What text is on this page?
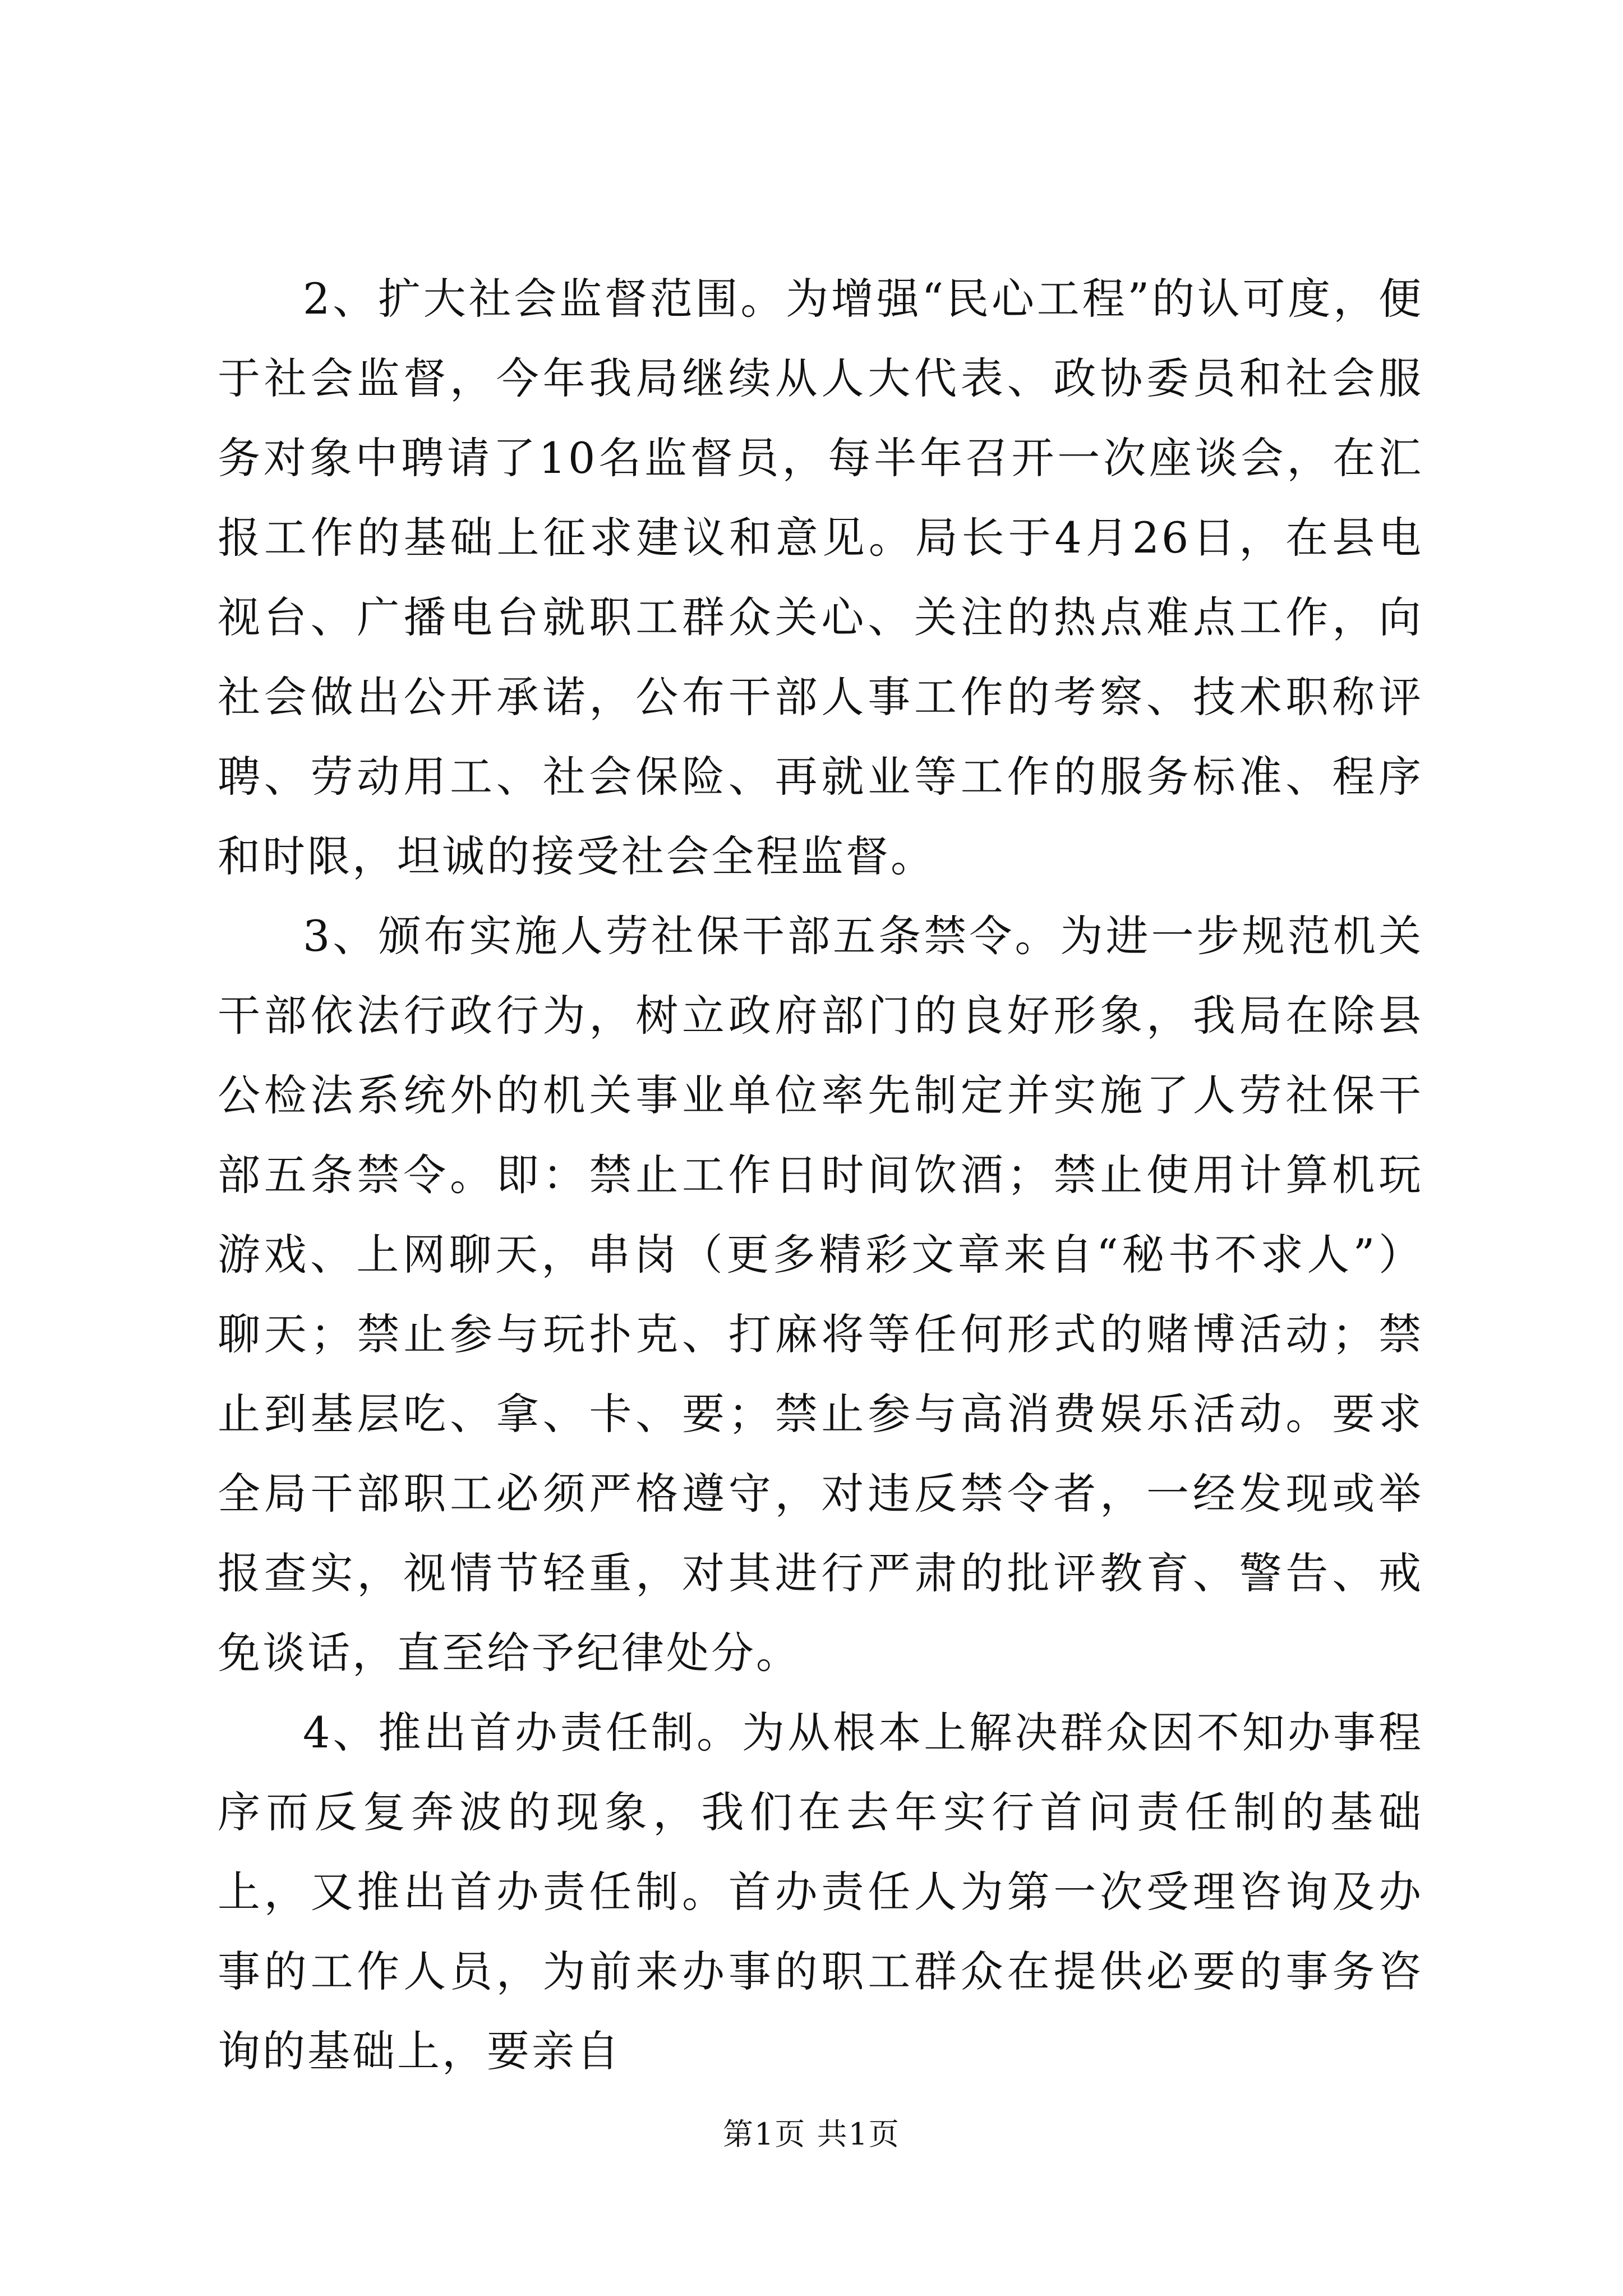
2、扩大社会监督范围。为增强“民心工程”的认可度，便于社会监督，今年我局继续从人大代表、政协委员和社会服务对象中聘请了10名监督员，每半年召开一次座谈会，在汇报工作的基础上征求建议和意见。局长于4月26日，在县电视台、广播电台就职工群众关心、关注的热点难点工作，向社会做出公开承诺，公布干部人事工作的考察、技术职称评聘、劳动用工、社会保险、再就业等工作的服务标准、程序和时限，坦诚的接受社会全程监督。

3、颁布实施人劳社保干部五条禁令。为进一步规范机关干部依法行政行为，树立政府部门的良好形象，我局在除县公检法系统外的机关事业单位率先制定并实施了人劳社保干部五条禁令。即：禁止工作日时间饮酒；禁止使用计算机玩游戏、上网聊天，串岗（更多精彩文章来自“秘书不求人”）聊天；禁止参与玩扑克、打麻将等任何形式的赌博活动；禁止到基层吃、拿、卡、要；禁止参与高消费娱乐活动。要求全局干部职工必须严格遵守，对违反禁令者，一经发现或举报查实，视情节轻重，对其进行严肃的批评教育、警告、戒免谈话，直至给予纪律处分。

4、推出首办责任制。为从根本上解决群众因不知办事程序而反复奔波的现象，我们在去年实行首问责任制的基础上，又推出首办责任制。首办责任人为第一次受理咨询及办事的工作人员，为前来办事的职工群众在提供必要的事务咨询的基础上，要亲自

第1页 共1页
